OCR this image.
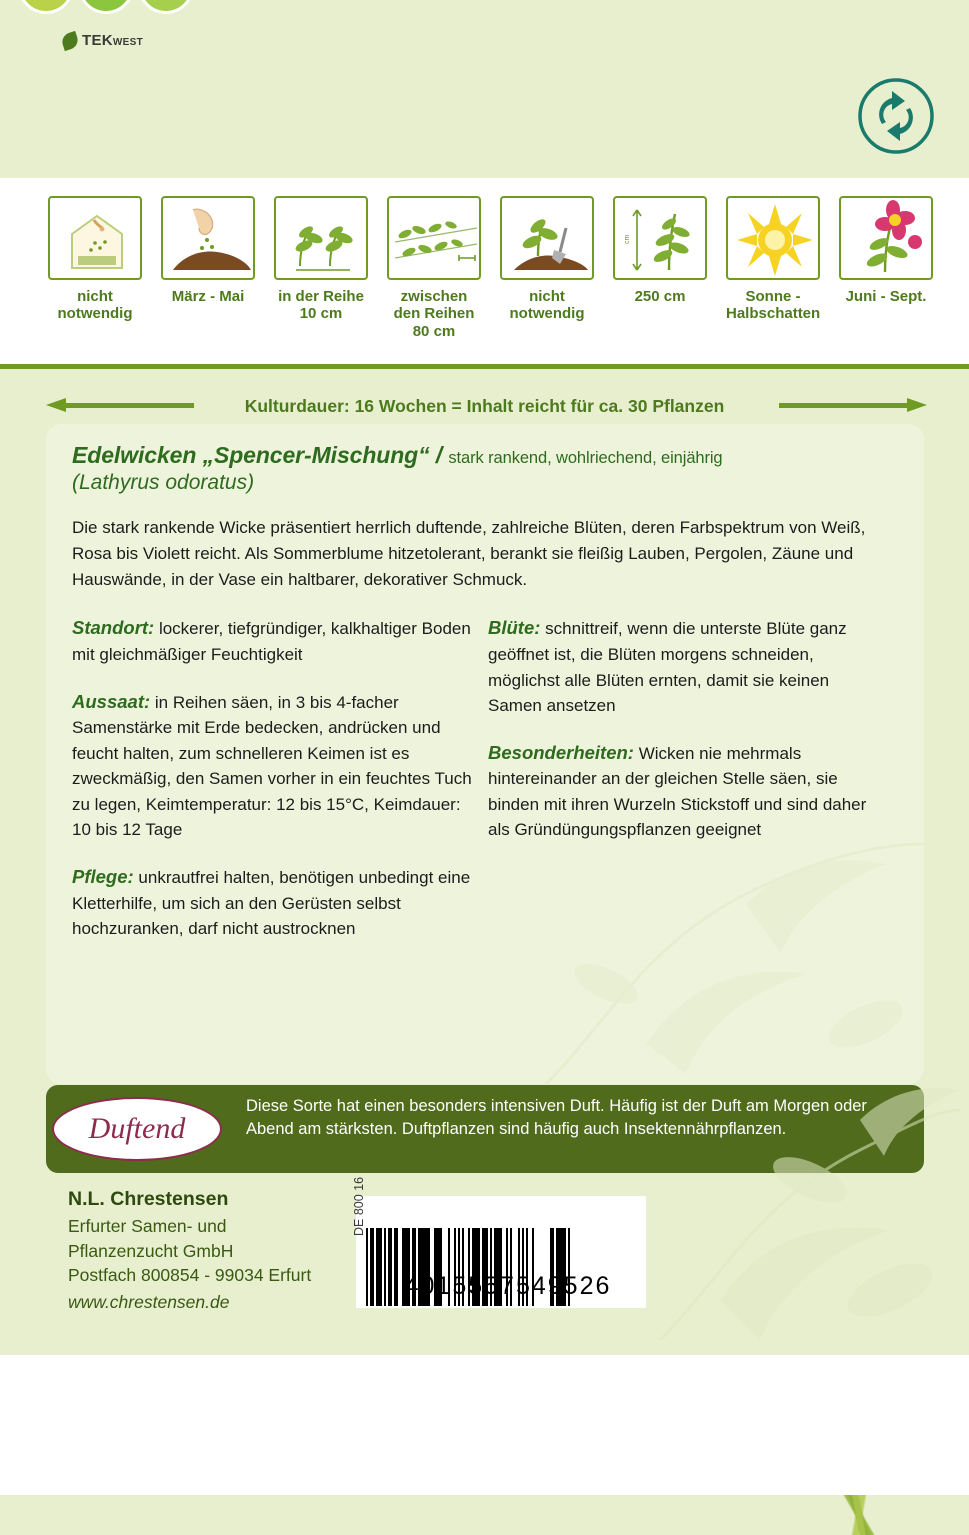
TEKWEST
nicht
notwendig
März - Mai	in der Reihe
10 cm
zwischen
den Reihen
80 cm
nicht
notwendig
cm
250 cm	Sonne -
Halbschatten
Juni - Sept.
Kulturdauer: 16 Wochen = Inhalt reicht für ca. 30 Pflanzen
Edelwicken „Spencer-Mischung“ / stark rankend, wohlriechend, einjährig
(Lathyrus odoratus)
Die stark rankende Wicke präsentiert herrlich duftende, zahlreiche Blüten, deren Farbspektrum von Weiß, Rosa bis Violett reicht. Als Sommerblume hitzetolerant, berankt sie fleißig Lauben, Pergolen, Zäune und Hauswände, in der Vase ein haltbarer, dekorativer Schmuck.
Standort: lockerer, tiefgründiger, kalkhaltiger Boden mit gleichmäßiger Feuchtigkeit
Aussaat: in Reihen säen, in 3 bis 4-facher Samenstärke mit Erde bedecken, andrücken und feucht halten, zum schnelleren Keimen ist es zweckmäßig, den Samen vorher in ein feuchtes Tuch zu legen, Keimtemperatur: 12 bis 15°C, Keimdauer: 10 bis 12 Tage
Pflege: unkrautfrei halten, benötigen unbedingt eine Kletterhilfe, um sich an den Gerüsten selbst hochzuranken, darf nicht austrocknen
Blüte: schnittreif, wenn die unterste Blüte ganz geöffnet ist, die Blüten morgens schneiden, möglichst alle Blüten ernten, damit sie keinen Samen ansetzen
Besonderheiten: Wicken nie mehrmals hintereinander an der gleichen Stelle säen, sie binden mit ihren Wurzeln Stickstoff und sind daher als Gründüngungspflanzen geeignet
Duftend
Diese Sorte hat einen besonders intensiven Duft. Häufig ist der Duft am Morgen oder Abend am stärksten. Duftpflanzen sind häufig auch Insektennährpflanzen.
N.L. Chrestensen
Erfurter Samen- und
Pflanzenzucht GmbH
Postfach 800854 - 99034 Erfurt
www.chrestensen.de
4015557549526
DE 800 16
